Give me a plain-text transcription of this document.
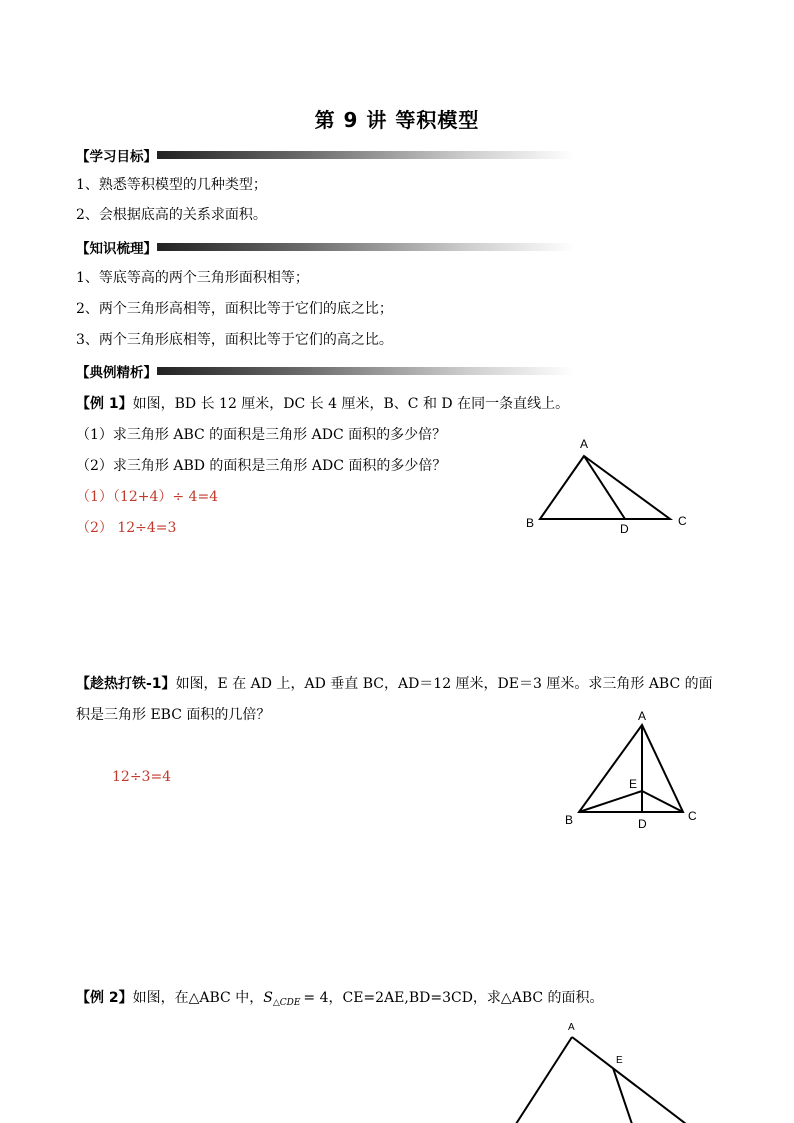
第 9 讲 等积模型
【学习目标】
1、熟悉等积模型的几种类型；
2、会根据底高的关系求面积。
【知识梳理】
1、等底等高的两个三角形面积相等；
2、两个三角形高相等，面积比等于它们的底之比；
3、两个三角形底相等，面积比等于它们的高之比。
【典例精析】
【例 1】如图，BD 长 12 厘米，DC 长 4 厘米，B、C 和 D 在同一条直线上。
（1）求三角形 ABC 的面积是三角形 ADC 面积的多少倍？
（2）求三角形 ABD 的面积是三角形 ADC 面积的多少倍？
（1）（12+4）÷ 4=4
（2） 12÷4=3
A
B	C
D
【趁热打铁-1】如图，E 在 AD 上，AD 垂直 BC，AD＝12 厘米，DE＝3 厘米。求三角形 ABC 的面
积是三角形 EBC 面积的几倍？
12÷3=4
A
E
B	C
D
【例 2】如图，在△ABC 中，$S_{\triangle CDE} = 4$，CE=2AE,BD=3CD，求△ABC 的面积。
A
E
